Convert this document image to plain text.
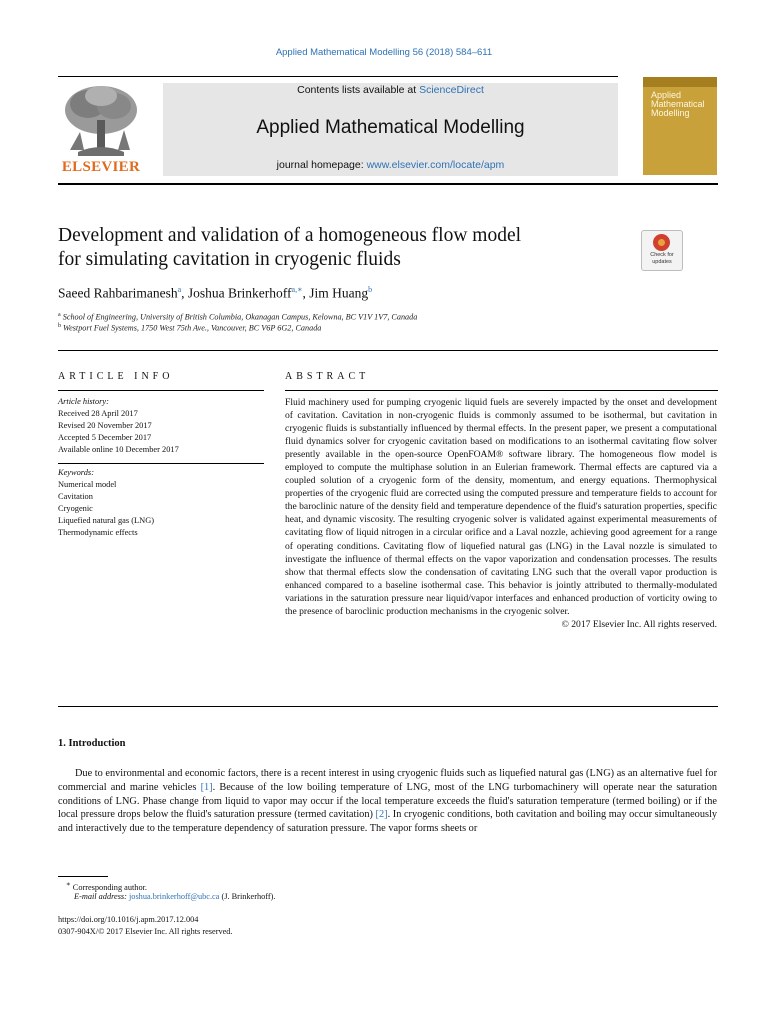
Applied Mathematical Modelling 56 (2018) 584–611
ELSEVIER
Contents lists available at ScienceDirect
Applied Mathematical Modelling
journal homepage: www.elsevier.com/locate/apm
Applied
Mathematical
Modelling
Development and validation of a homogeneous flow model
for simulating cavitation in cryogenic fluids	Check for
updates
Saeed Rahbarimanesh$^a$, Joshua Brinkerhoff$^{a,∗}$, Jim Huang$^b$
$^a$ School of Engineering, University of British Columbia, Okanagan Campus, Kelowna, BC V1V 1V7, Canada
$^b$ Westport Fuel Systems, 1750 West 75th Ave., Vancouver, BC V6P 6G2, Canada
ARTICLE INFO
Article history:
Received 28 April 2017
Revised 20 November 2017
Accepted 5 December 2017
Available online 10 December 2017
Keywords:
Numerical model
Cavitation
Cryogenic
Liquefied natural gas (LNG)
Thermodynamic effects
ABSTRACT
Fluid machinery used for pumping cryogenic liquid fuels are severely impacted by the onset and development of cavitation. Cavitation in non-cryogenic fluids is commonly assumed to be isothermal, but cavitation in cryogenic fluids is substantially influenced by thermal effects. In the present paper, we present a computational fluid dynamics solver for cryogenic cavitation based on modifications to an isothermal cavitating flow solver presently available in the open-source OpenFOAM® software library. The homogeneous flow model is employed to compute the multiphase solution in an Eulerian framework. Thermal effects are captured via a coupled solution of a cryogenic form of the density, momentum, and energy equations. Thermophysical properties of the cryogenic fluid are corrected using the computed pressure and temperature fields to account for the baroclinic nature of the density field and temperature dependence of the fluid's saturation properties, specific heat, and dynamic viscosity. The resulting cryogenic solver is validated against experimental measurements of cavitating flow of liquid nitrogen in a circular orifice and a Laval nozzle, achieving good agreement for a range of operating conditions. Cavitating flow of liquefied natural gas (LNG) in the Laval nozzle is simulated to investigate the influence of thermal effects on the vapor vaporization and condensation processes. The results show that thermal effects slow the condensation of cavitating LNG such that the overall vapor production is enhanced compared to a baseline isothermal case. This behavior is jointly attributed to thermally-modulated variations in the saturation pressure near liquid/vapor interfaces and enhanced production of vorticity owing to the presence of baroclinic production mechanisms in the cryogenic solver.
© 2017 Elsevier Inc. All rights reserved.
1. Introduction
Due to environmental and economic factors, there is a recent interest in using cryogenic fluids such as liquefied natural gas (LNG) as an alternative fuel for commercial and marine vehicles [1]. Because of the low boiling temperature of LNG, most of the LNG turbomachinery will operate near the saturation conditions of LNG. Phase change from liquid to vapor may occur if the local temperature exceeds the fluid's saturation temperature (termed boiling) or if the local pressure drops below the fluid's saturation pressure (termed cavitation) [2]. In cryogenic conditions, both cavitation and boiling may occur simultaneously and interactively due to the temperature dependency of saturation pressure. The vapor forms sheets or
∗ Corresponding author.
E-mail address: joshua.brinkerhoff@ubc.ca (J. Brinkerhoff).
https://doi.org/10.1016/j.apm.2017.12.004
0307-904X/© 2017 Elsevier Inc. All rights reserved.
